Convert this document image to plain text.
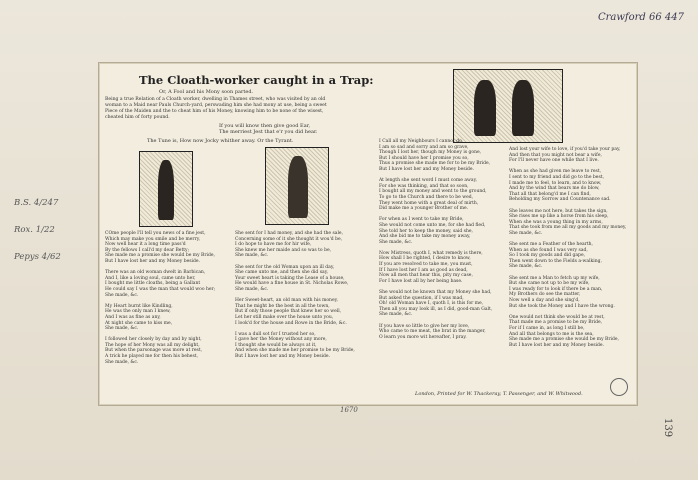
Crawford 66 447
139
B.S. 4/247
Rox. 1/22
Pepys 4/62
The Cloath-worker caught in a Trap:
Or, A Fool and his Mony soon parted.
Being a true Relation of a Cloath worker, dwelling in Thames street, who was visited by an old woman to a Maid near Pauls Church-yard, perswading him she had mony at use, being a sweet Piece of the Maiden and the to cheat him of his Money, knowing him to be none of the wisest, cheated him of forty pound.
If you will know then give good Ear,
The merriest Jest that e'r you did hear.
The Tune is, How now Jocky whither away. Or the Tyrant.
COme people I'll tell you news of a fine jest,
Which may make you smile and be merry,
Now well hear it a long time pass'd
By the fellows I call'd my dear Betty;
She made me a promise she would be my Bride,
But I have lost her and my Money beside.

There was an old woman dwelt in Barbican,
And I, like a loving soul, came unto her,
I bought me little cloaths, being a Gallant
He could say I was the man that would woo her;
She made, &c.

My Heart burnt like Kindling,
He was the only man I knew,
And I was as fine as any,
At night she came to kiss me,
She made, &c.

I followed her closely by day and by night,
The hope of her Mony was all my delight,
But when the parsonage was more at rest,
A trick he played me for then his behest,
She made, &c.
She sent for I had money, and she had the sale,
Concerning some of it she thought it wou'd be,
I do hope to have me for hir wife,
She knew me her maide and so was to be,
She made, &c.

She sent for the old Woman upon an ill day,
She came unto me, and then she did say,
Your sweet heart is taking the Lease of a house,
He would have a fine house in St. Nicholas Rowe,
She made, &c.

Her Sweet-heart, an old man with his money,
That he might be the best in all the town,
But if only those people that knew her so well,
Let her still make over the house unto you,
I look'd for the house and Rowe in the Bride, &c.

I was a dull sot for I trusted her so,
I gave her the Money without any more,
I thought she would be always at it,
And when she made me her promise to be my Bride,
But I have lost her and my Money beside.
I Call all my Neighbours I cannot do,
I am so sad and sorry and am so grave,
Though I lost her, though my Money is gone,
But I should have her I promise you so,
Thus a promise she made me for to be my Bride,
But I have lost her and my Money beside.

At length she sent word I must come away,
For she was thinking, and that so soon,
I bought all my money and went to the ground,
To go to the Church and there to be wed,
They went home with a great deal of mirth,
Did make me a younger Brother of me.

For when as I went to take my Bride,
She would not come unto me, for she had fled,
She told her to keep the money, said she,
And she bid me to take my money away,
She made, &c.

Now Mistress, quoth I, what remedy is there,
How shall I be righted, I desire to know,
If you are resolved to take me, you must,
If I have lost her I am as good as dead,
Now all men that hear this, pity my case,
For I have lost all by her being base.

She would not be known that my Money she had,
But asked the question, if I was mad,
Oh! old Woman have I, quoth I, is this for me,
Then all you may look ill, as I did, good-man Galt,
She made, &c.

If you have so little to give her my love,
Who came to me meat, the brat in the manger,
O learn you more wit hereafter, I pray.
And lost your wife to love, if you'd take your pay,
And then that you might not bear a wife,
For I'll never have one while that I live.

When as she had given me leave to rest,
I sent to my friend and did go to the best,
I made me to feel, to learn, and to know,
And by the wind that bears me do blow,
That all that belong'd me I can find,
Beholding my Sorrow and Countenance sad.

She leaves me not here, but takes the sign,
She rises me up like a horse from his sleep,
When she was a young thing in my arms,
That she took from me all my goods and my money,
She made, &c.

She sent me a Feather of the hearth,
When as she found I was very sad,
So I took my goods and did gape,
Then went down to the Fields a-walking,
She made, &c.

She sent me a Man to fetch up my wife,
But she came not up to be my wife,
I was ready for to look if there be a man,
My Brothers do see the matter,
Now well a day and she sing'd,
But she took the Money and I have the wrong.

One would not think she would be at rest,
That made me a promise to be my Bride,
For if I came in, as long I still be,
And all that belongs to me is the sea,
She made me a promise she would be my Bride,
But I have lost her and my Money beside.
London, Printed for W. Thackeray, T. Passenger, and W. Whitwood.
1670
